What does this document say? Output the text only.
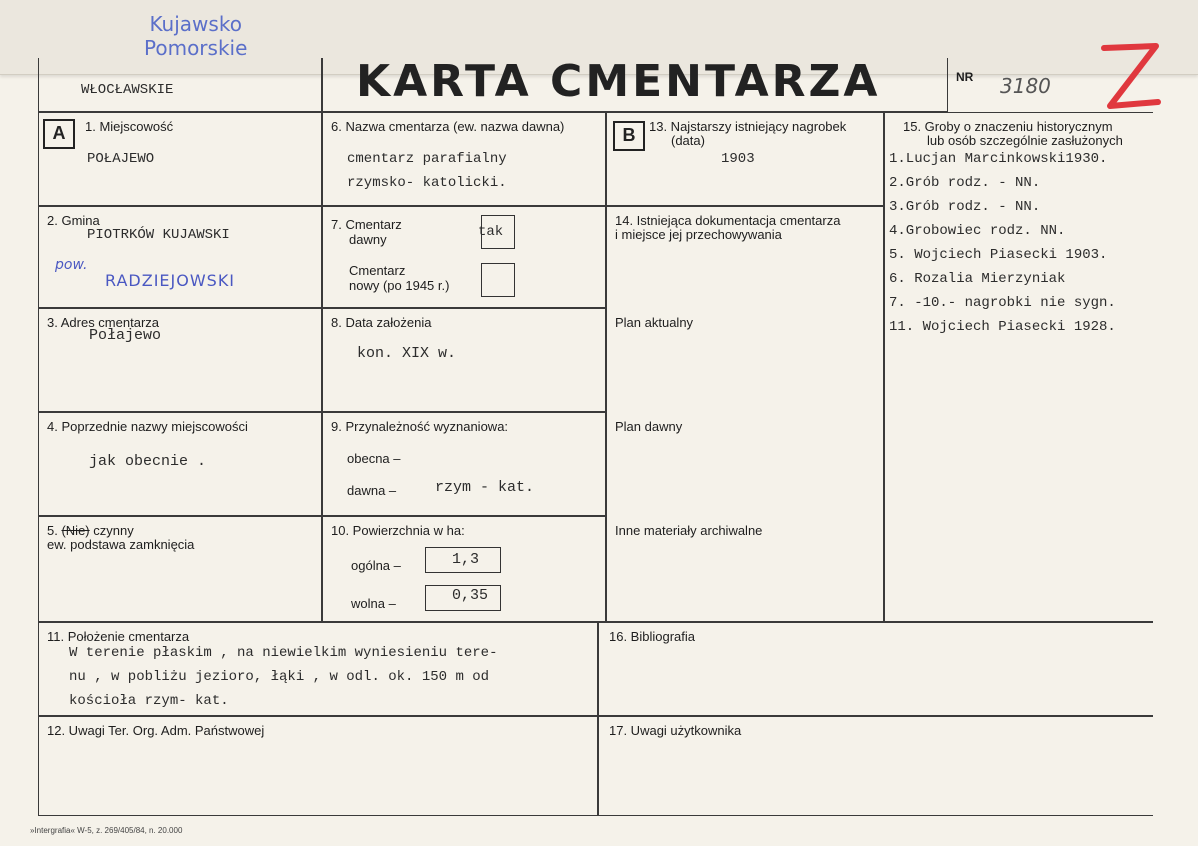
Kujawsko
Pomorskie
WŁOCŁAWSKIE
A	1. Miejscowość
POŁAJEWO
2. Gmina
PIOTRKÓW KUJAWSKI
pow.
RADZIEJOWSKI
3. Adres cmentarza
Połajewo
4. Poprzednie nazwy miejscowości
jak obecnie .
5. (Nie) czynny
ew. podstawa zamknięcia
6. Nazwa cmentarza (ew. nazwa dawna)
cmentarz parafialny
rzymsko- katolicki.
7. Cmentarz
dawny	tak
Cmentarz
nowy (po 1945 r.)
8. Data założenia
kon. XIX w.
9. Przynależność wyznaniowa:
obecna –
dawna –	rzym - kat.
10. Powierzchnia w ha:
ogólna –	1,3
wolna –	0,35
B	13. Najstarszy istniejący nagrobek
(data)
1903
14. Istniejąca dokumentacja cmentarza
i miejsce jej przechowywania
Plan aktualny
Plan dawny
Inne materiały archiwalne
15. Groby o znaczeniu historycznym
lub osób szczególnie zasłużonych
1.Lucjan Marcinkowski1930.
2.Grób rodz. - NN.
3.Grób rodz. - NN.
4.Grobowiec rodz. NN.
5. Wojciech Piasecki 1903.
6. Rozalia Mierzyniak
7. -10.- nagrobki nie sygn.
11. Wojciech Piasecki 1928.
11. Położenie cmentarza
W terenie płaskim , na niewielkim wyniesieniu tere-
nu , w pobliżu jezioro, łąki , w odl. ok. 150 m od
kościoła rzym- kat.
16. Bibliografia
12. Uwagi Ter. Org. Adm. Państwowej	17. Uwagi użytkownika
KARTA CMENTARZA	NR 3180
»Intergrafia« W-5, z. 269/405/84, n. 20.000
